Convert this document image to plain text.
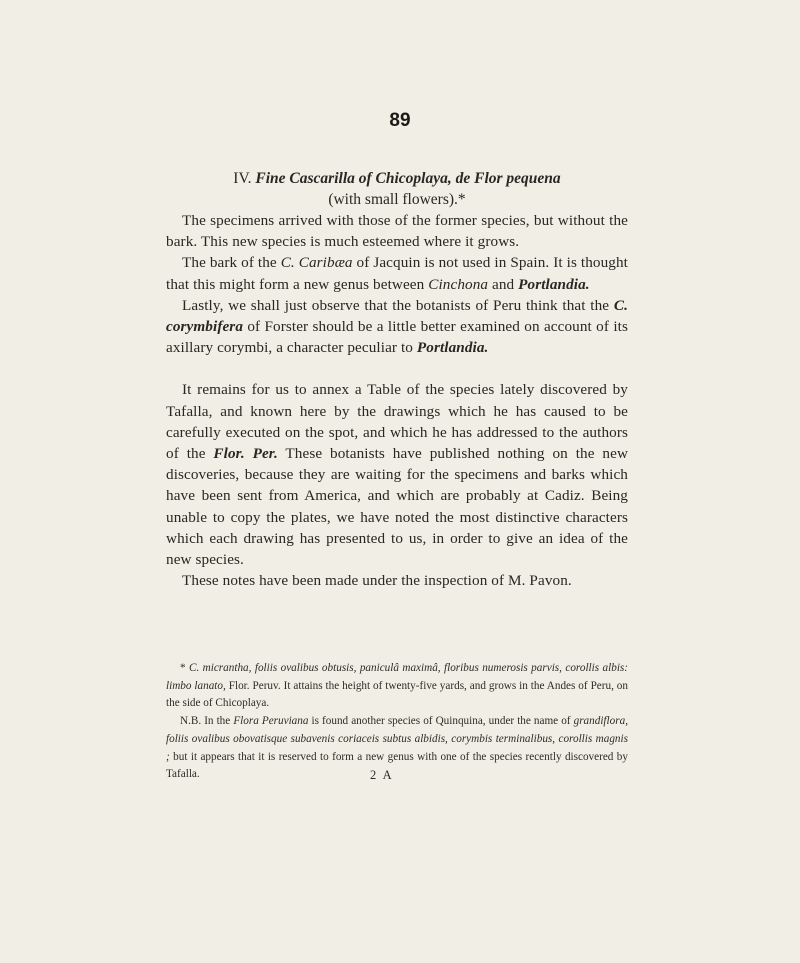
89
IV. Fine Cascarilla of Chicoplaya, de Flor pequena
(with small flowers).*

The specimens arrived with those of the former species, but without the bark. This new species is much esteemed where it grows.

The bark of the C. Caribæa of Jacquin is not used in Spain. It is thought that this might form a new genus between Cinchona and Portlandia.

Lastly, we shall just observe that the botanists of Peru think that the C. corymbifera of Forster should be a little better examined on account of its axillary corymbi, a character peculiar to Portlandia.

It remains for us to annex a Table of the species lately discovered by Tafalla, and known here by the drawings which he has caused to be carefully executed on the spot, and which he has addressed to the authors of the Flor. Per. These botanists have published nothing on the new discoveries, because they are waiting for the specimens and barks which have been sent from America, and which are probably at Cadiz. Being unable to copy the plates, we have noted the most distinctive characters which each drawing has presented to us, in order to give an idea of the new species.

These notes have been made under the inspection of M. Pavon.

* C. micrantha, foliis ovalibus obtusis, paniculâ maximâ, floribus numerosis parvis, corollis albis: limbo lanato, Flor. Peruv. It attains the height of twenty-five yards, and grows in the Andes of Peru, on the side of Chicoplaya.

N.B. In the Flora Peruviana is found another species of Quinquina, under the name of grandiflora, foliis ovalibus obovatisque subavenis coriaceis subtus albidis, corymbis terminalibus, corollis magnis ; but it appears that it is reserved to form a new genus with one of the species recently discovered by Tafalla.	2 A
